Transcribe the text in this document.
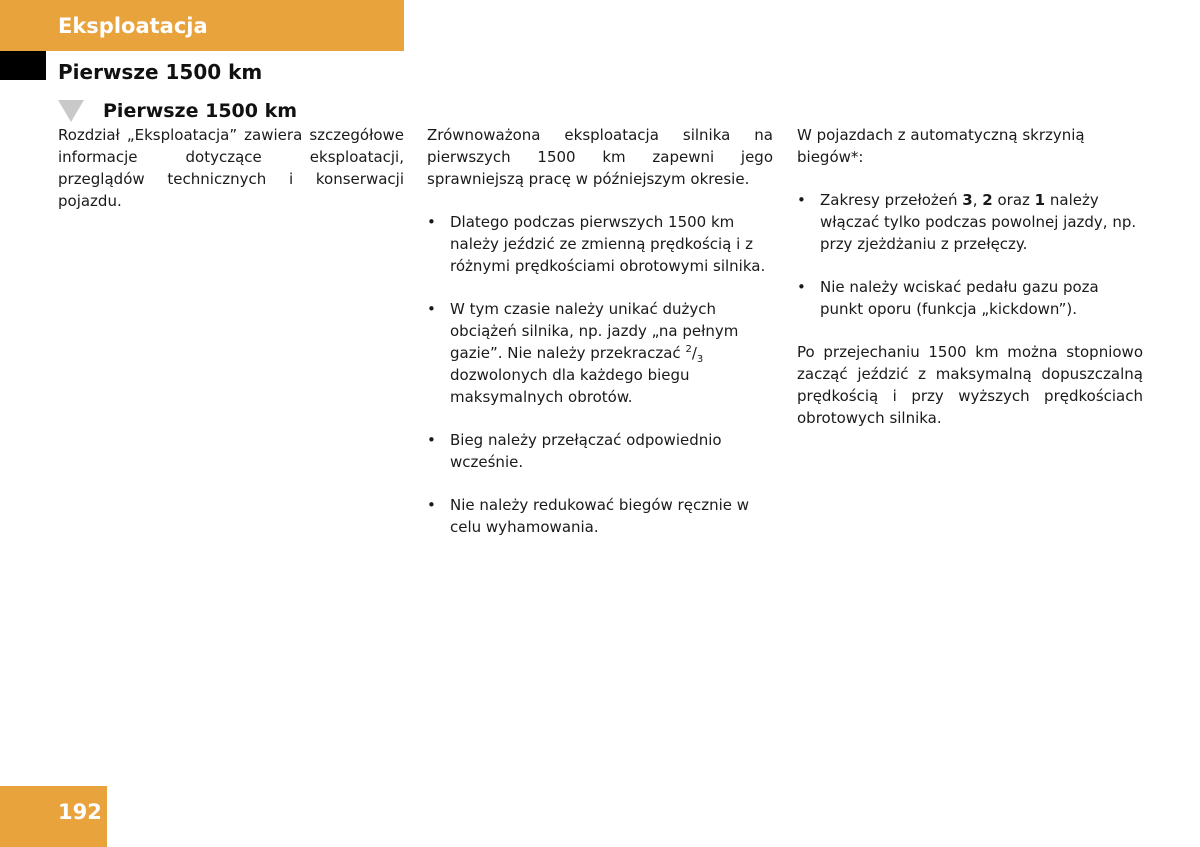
Eksploatacja
Pierwsze 1500 km
Pierwsze 1500 km

Rozdział „Eksploatacja” zawiera szczegółowe informacje dotyczące eksploatacji, przeglądów technicznych i konserwacji pojazdu.

Zrównoważona eksploatacja silnika na pierwszych 1500 km zapewni jego sprawniejszą pracę w późniejszym okresie.

• Dlatego podczas pierwszych 1500 km należy jeździć ze zmienną prędkością i z różnymi prędkościami obrotowymi silnika.
• W tym czasie należy unikać dużych obciążeń silnika, np. jazdy „na pełnym gazie”. Nie należy przekraczać $^2/_3$ dozwolonych dla każdego biegu maksymalnych obrotów.
• Bieg należy przełączać odpowiednio wcześnie.
• Nie należy redukować biegów ręcznie w celu wyhamowania.

W pojazdach z automatyczną skrzynią biegów*:

• Zakresy przełożeń 3, 2 oraz 1 należy włączać tylko podczas powolnej jazdy, np. przy zjeżdżaniu z przełęczy.
• Nie należy wciskać pedału gazu poza punkt oporu (funkcja „kickdown”).

Po przejechaniu 1500 km można stopniowo zacząć jeździć z maksymalną dopuszczalną prędkością i przy wyższych prędkościach obrotowych silnika.

192
